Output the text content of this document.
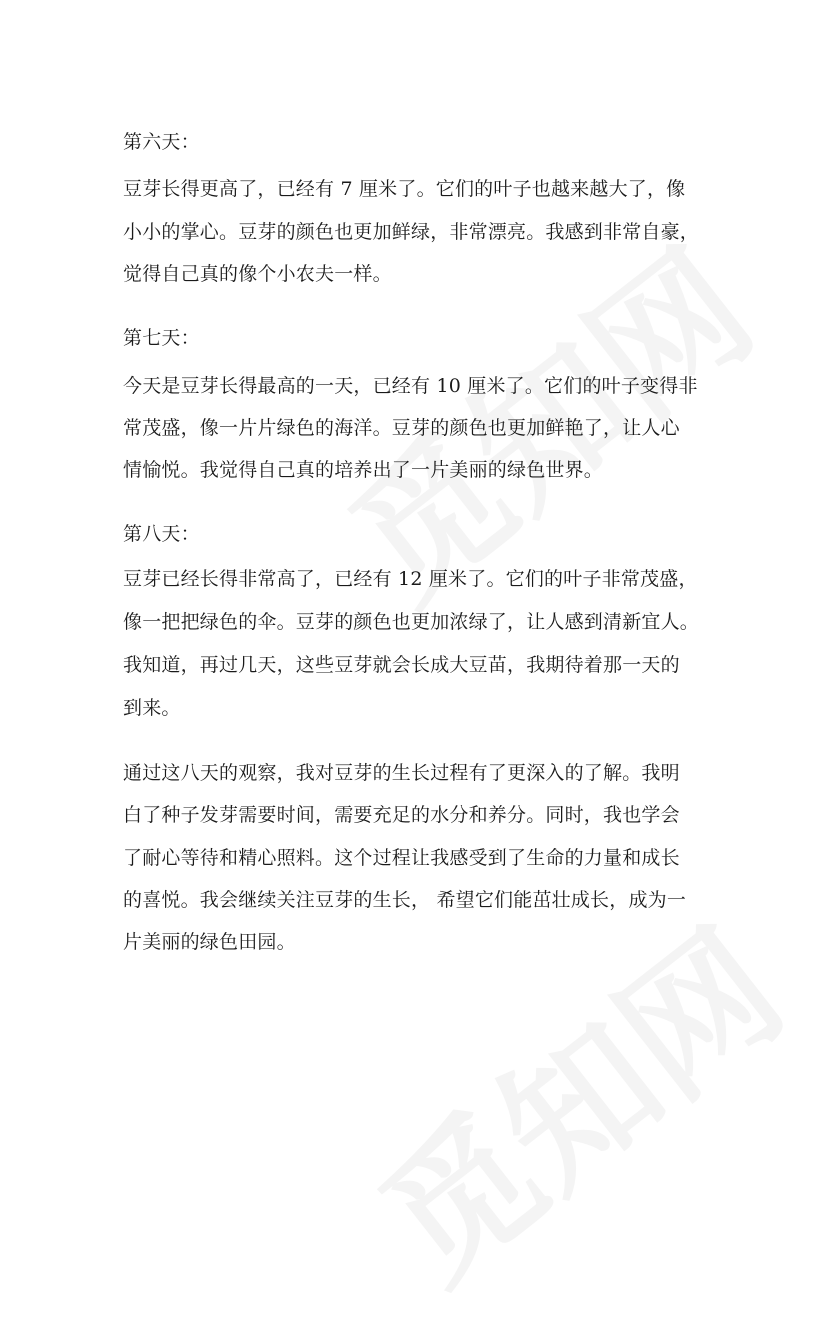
第六天：
豆芽长得更高了，已经有 7 厘米了。它们的叶子也越来越大了，像
小小的掌心。豆芽的颜色也更加鲜绿，非常漂亮。我感到非常自豪，
觉得自己真的像个小农夫一样。
第七天：
今天是豆芽长得最高的一天，已经有 10 厘米了。它们的叶子变得非
常茂盛，像一片片绿色的海洋。豆芽的颜色也更加鲜艳了，让人心
情愉悦。我觉得自己真的培养出了一片美丽的绿色世界。
第八天：
豆芽已经长得非常高了，已经有 12 厘米了。它们的叶子非常茂盛，
像一把把绿色的伞。豆芽的颜色也更加浓绿了，让人感到清新宜人。
我知道，再过几天，这些豆芽就会长成大豆苗，我期待着那一天的
到来。
通过这八天的观察，我对豆芽的生长过程有了更深入的了解。我明
白了种子发芽需要时间，需要充足的水分和养分。同时，我也学会
了耐心等待和精心照料。这个过程让我感受到了生命的力量和成长
的喜悦。我会继续关注豆芽的生长， 希望它们能茁壮成长，成为一
片美丽的绿色田园。
